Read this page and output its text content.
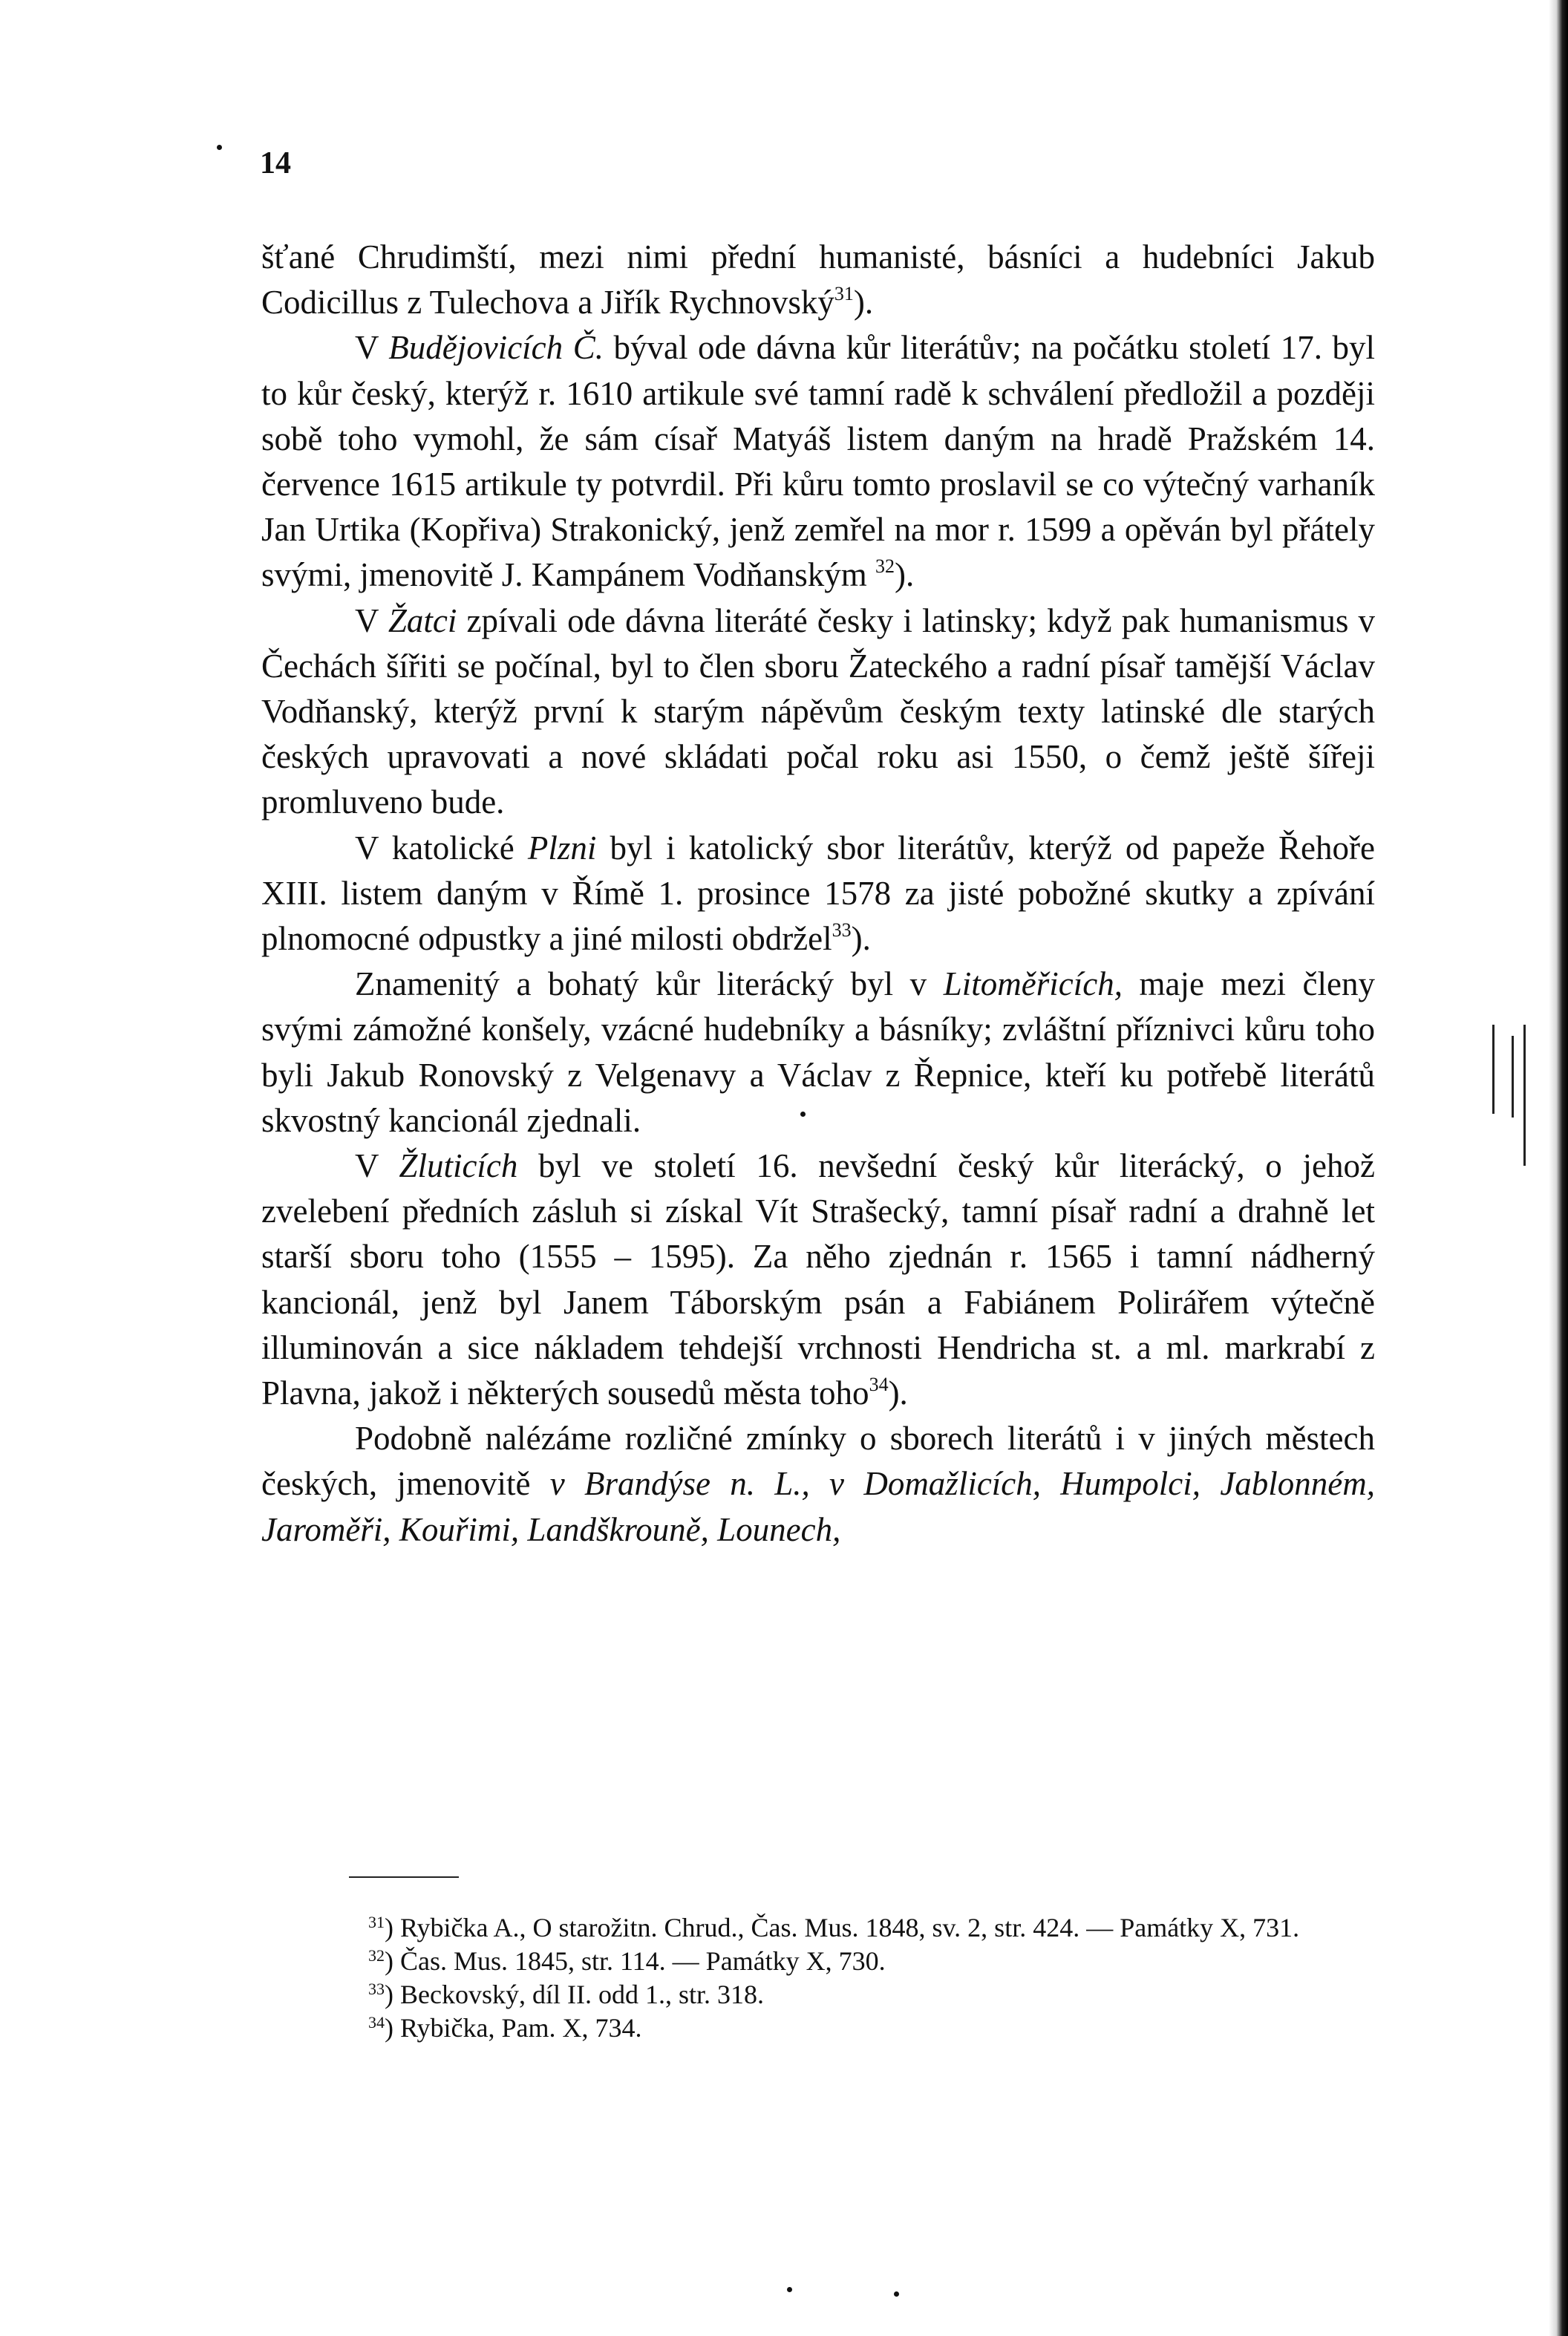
14

šťané Chrudimští, mezi nimi přední humanisté, básníci a hudebníci Jakub Codicillus z Tulechova a Jiřík Rychnovský$^{31}$).

V Budějovicích Č. býval ode dávna kůr literátův; na počátku století 17. byl to kůr český, kterýž r. 1610 artikule své tamní radě k schválení předložil a později sobě toho vymohl, že sám císař Matyáš listem daným na hradě Pražském 14. července 1615 artikule ty potvrdil. Při kůru tomto proslavil se co výtečný varhaník Jan Urtika (Kopřiva) Strakonický, jenž zemřel na mor r. 1599 a opěván byl přátely svými, jmenovitě J. Kampánem Vodňanským $^{32}$).

V Žatci zpívali ode dávna literáté česky i latinsky; když pak humanismus v Čechách šířiti se počínal, byl to člen sboru Žateckého a radní písař tamější Václav Vodňanský, kterýž první k starým nápěvům českým texty latinské dle starých českých upravovati a nové skládati počal roku asi 1550, o čemž ještě šířeji promluveno bude.

V katolické Plzni byl i katolický sbor literátův, kterýž od papeže Řehoře XIII. listem daným v Římě 1. prosince 1578 za jisté pobožné skutky a zpívání plnomocné odpustky a jiné milosti obdržel$^{33}$).

Znamenitý a bohatý kůr literácký byl v Litoměřicích, maje mezi členy svými zámožné konšely, vzácné hudebníky a básníky; zvláštní příznivci kůru toho byli Jakub Ronovský z Velgenavy a Václav z Řepnice, kteří ku potřebě literátů skvostný kancionál zjednali.

V Žluticích byl ve století 16. nevšední český kůr literácký, o jehož zvelebení předních zásluh si získal Vít Strašecký, tamní písař radní a drahně let starší sboru toho (1555 – 1595). Za něho zjednán r. 1565 i tamní nádherný kancionál, jenž byl Janem Táborským psán a Fabiánem Polirářem výtečně illuminován a sice nákladem tehdejší vrchnosti Hendricha st. a ml. markrabí z Plavna, jakož i některých sousedů města toho$^{34}$).

Podobně nalézáme rozličné zmínky o sborech literátů i v jiných městech českých, jmenovitě v Brandýse n. L., v Domažlicích, Humpolci, Jablonném, Jaroměři, Kouřimi, Landškrouně, Lounech,

$^{31}$) Rybička A., O starožitn. Chrud., Čas. Mus. 1848, sv. 2, str. 424. — Památky X, 731.

$^{32}$) Čas. Mus. 1845, str. 114. — Památky X, 730.

$^{33}$) Beckovský, díl II. odd 1., str. 318.

$^{34}$) Rybička, Pam. X, 734.
